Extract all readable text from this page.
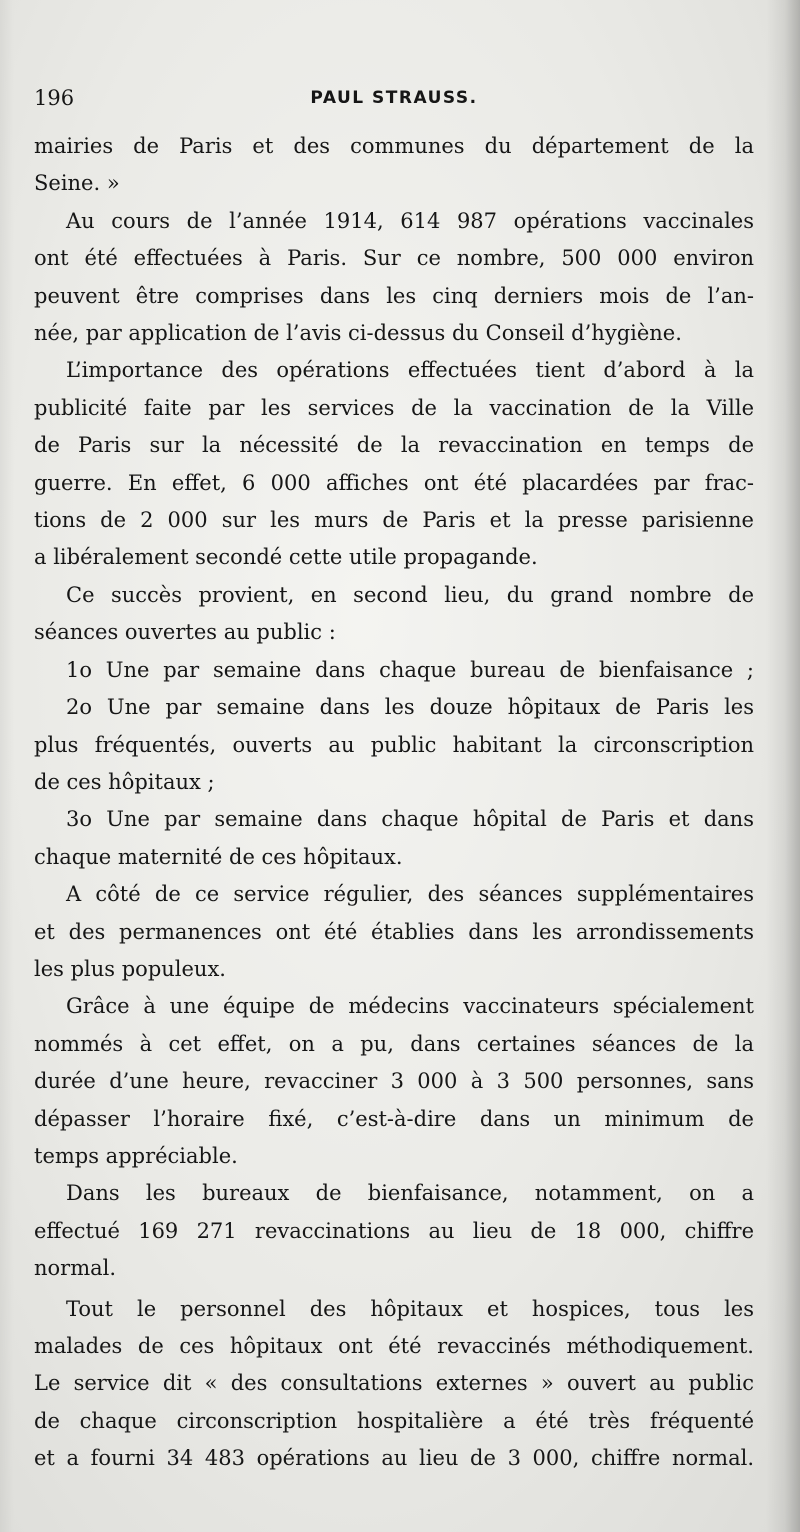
196	PAUL STRAUSS.
mairies de Paris et des communes du département de la
Seine. »
Au cours de l’année 1914, 614 987 opérations vaccinales
ont été effectuées à Paris. Sur ce nombre, 500 000 environ
peuvent être comprises dans les cinq derniers mois de l’an-
née, par application de l’avis ci-dessus du Conseil d’hygiène.
L’importance des opérations effectuées tient d’abord à la
publicité faite par les services de la vaccination de la Ville
de Paris sur la nécessité de la revaccination en temps de
guerre. En effet, 6 000 affiches ont été placardées par frac-
tions de 2 000 sur les murs de Paris et la presse parisienne
a libéralement secondé cette utile propagande.
Ce succès provient, en second lieu, du grand nombre de
séances ouvertes au public :
1o Une par semaine dans chaque bureau de bienfaisance ;
2o Une par semaine dans les douze hôpitaux de Paris les
plus fréquentés, ouverts au public habitant la circonscription
de ces hôpitaux ;
3o Une par semaine dans chaque hôpital de Paris et dans
chaque maternité de ces hôpitaux.
A côté de ce service régulier, des séances supplémentaires
et des permanences ont été établies dans les arrondissements
les plus populeux.
Grâce à une équipe de médecins vaccinateurs spécialement
nommés à cet effet, on a pu, dans certaines séances de la
durée d’une heure, revacciner 3 000 à 3 500 personnes, sans
dépasser l’horaire fixé, c’est-à-dire dans un minimum de
temps appréciable.
Dans les bureaux de bienfaisance, notamment, on a
effectué 169 271 revaccinations au lieu de 18 000, chiffre
normal.
Tout le personnel des hôpitaux et hospices, tous les
malades de ces hôpitaux ont été revaccinés méthodiquement.
Le service dit « des consultations externes » ouvert au public
de chaque circonscription hospitalière a été très fréquenté
et a fourni 34 483 opérations au lieu de 3 000, chiffre normal.
